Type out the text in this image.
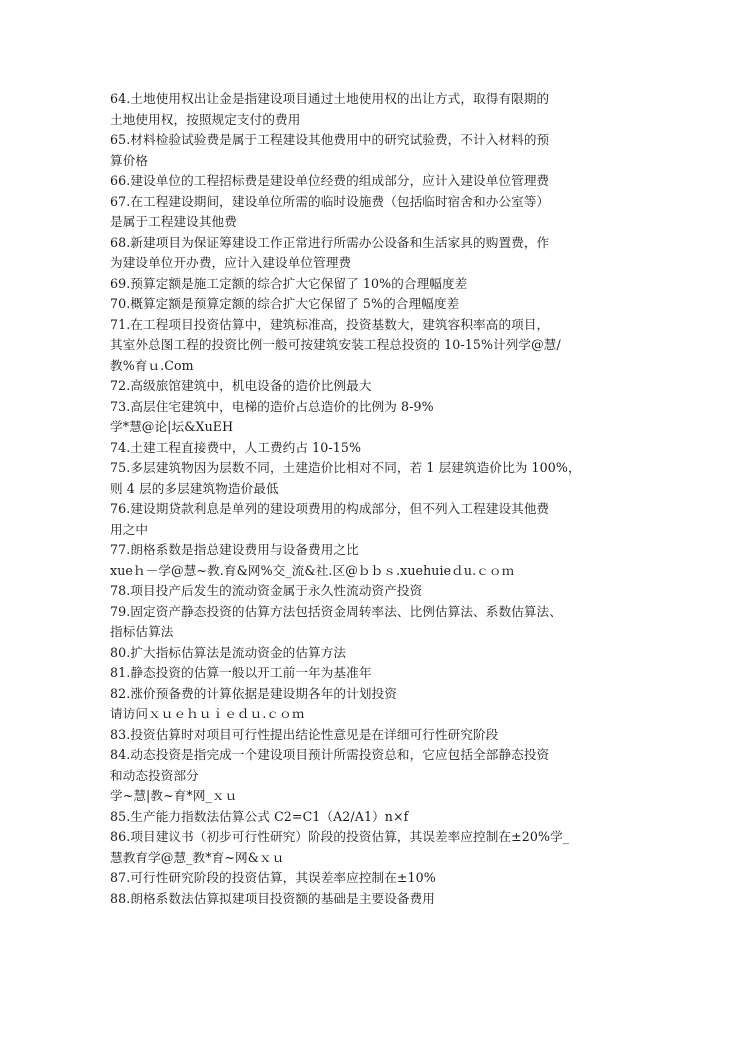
64.土地使用权出让金是指建设项目通过土地使用权的出让方式，取得有限期的
土地使用权，按照规定支付的费用
65.材料检验试验费是属于工程建设其他费用中的研究试验费，不计入材料的预
算价格
66.建设单位的工程招标费是建设单位经费的组成部分，应计入建设单位管理费
67.在工程建设期间，建设单位所需的临时设施费（包括临时宿舍和办公室等）
是属于工程建设其他费
68.新建项目为保证筹建设工作正常进行所需办公设备和生活家具的购置费，作
为建设单位开办费，应计入建设单位管理费
69.预算定额是施工定额的综合扩大它保留了 10%的合理幅度差
70.概算定额是预算定额的综合扩大它保留了 5%的合理幅度差
71.在工程项目投资估算中，建筑标准高，投资基数大，建筑容积率高的项目，
其室外总图工程的投资比例一般可按建筑安装工程总投资的 10-15%计列学@慧/
教%育ｕ.Com
72.高级旅馆建筑中，机电设备的造价比例最大
73.高层住宅建筑中，电梯的造价占总造价的比例为 8-9%
学*慧@论|坛&XuEH
74.土建工程直接费中，人工费约占 10-15%
75.多层建筑物因为层数不同，土建造价比相对不同，若 1 层建筑造价比为 100%，
则 4 层的多层建筑物造价最低
76.建设期贷款利息是单列的建设项费用的构成部分，但不列入工程建设其他费
用之中
77.朗格系数是指总建设费用与设备费用之比
xueｈ－学@慧~教.育&网%交_流&社.区@ｂｂｓ.xuehuieｄu.ｃｏｍ
78.项目投产后发生的流动资金属于永久性流动资产投资
79.固定资产静态投资的估算方法包括资金周转率法、比例估算法、系数估算法、
指标估算法
80.扩大指标估算法是流动资金的估算方法
81.静态投资的估算一般以开工前一年为基准年
82.涨价预备费的计算依据是建设期各年的计划投资
请访问ｘｕｅｈｕｉｅｄｕ.ｃｏｍ
83.投资估算时对项目可行性提出结论性意见是在详细可行性研究阶段
84.动态投资是指完成一个建设项目预计所需投资总和，它应包括全部静态投资
和动态投资部分
学~慧|教~育*网_ｘｕ
85.生产能力指数法估算公式 C2=C1（A2/A1）n×f
86.项目建议书（初步可行性研究）阶段的投资估算，其误差率应控制在±20%学_
慧教育学@慧_教*育~网&ｘｕ
87.可行性研究阶段的投资估算，其误差率应控制在±10%
88.朗格系数法估算拟建项目投资额的基础是主要设备费用
